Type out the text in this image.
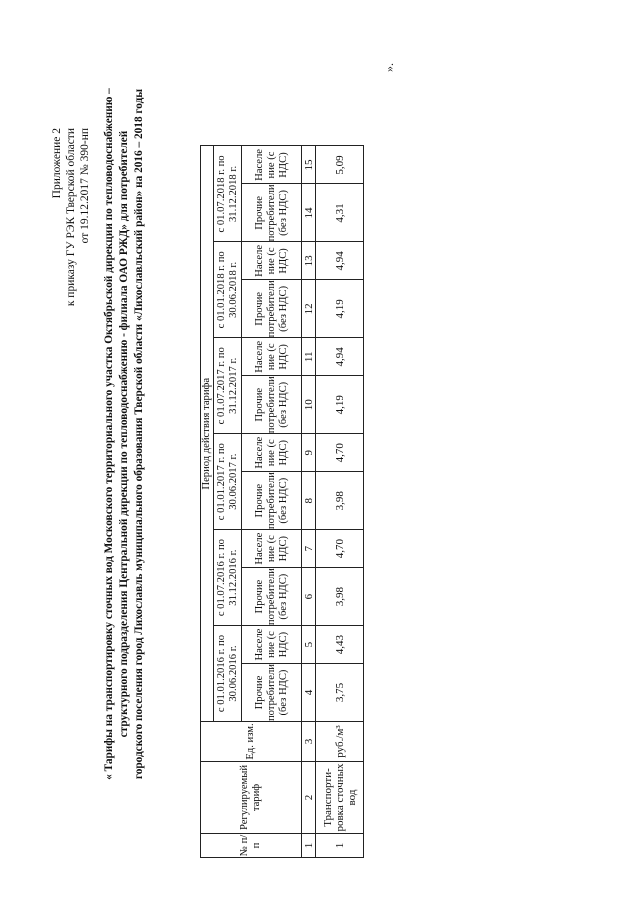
Приложение 2 к приказу ГУ РЭК Тверской области от 19.12.2017 № 390-нп « Тарифы на транспортировку сточных вод Московского территориального участка Октябрьской дирекции по тепловодоснабжению – структурного подразделения Центральной дирекции по тепловодоснабжению - филиала ОАО РЖД» для потребителей городского поселения город Лихославль муниципального образования Тверской области «Лихославльский район» на 2016 – 2018 годы
».
№ п/п	Регулируемый тариф	Ед. изм.	Период действия тарифа											
			с 01.01.2016 г. по 30.06.2016 г.		с 01.07.2016 г. по 31.12.2016 г.		с 01.01.2017 г. по 30.06.2017 г.		с 01.07.2017 г. по 31.12.2017 г.		с 01.01.2018 г. по 30.06.2018 г.		с 01.07.2018 г. по 31.12.2018 г.	
			Прочие потребители (без НДС)	Населе ние (с НДС)	Прочие потребители (без НДС)	Населе ние (с НДС)	Прочие потребители (без НДС)	Населе ние (с НДС)	Прочие потребители (без НДС)	Населе ние (с НДС)	Прочие потребители (без НДС)	Населе ние (с НДС)	Прочие потребители (без НДС)	Населе ние (с НДС)
1	2	3	4	5	6	7	8	9	10	11	12	13	14	15
1	Транспорти- ровка сточных вод	руб./м³	3,75	4,43	3,98	4,70	3,98	4,70	4,19	4,94	4,19	4,94	4,31	5,09
